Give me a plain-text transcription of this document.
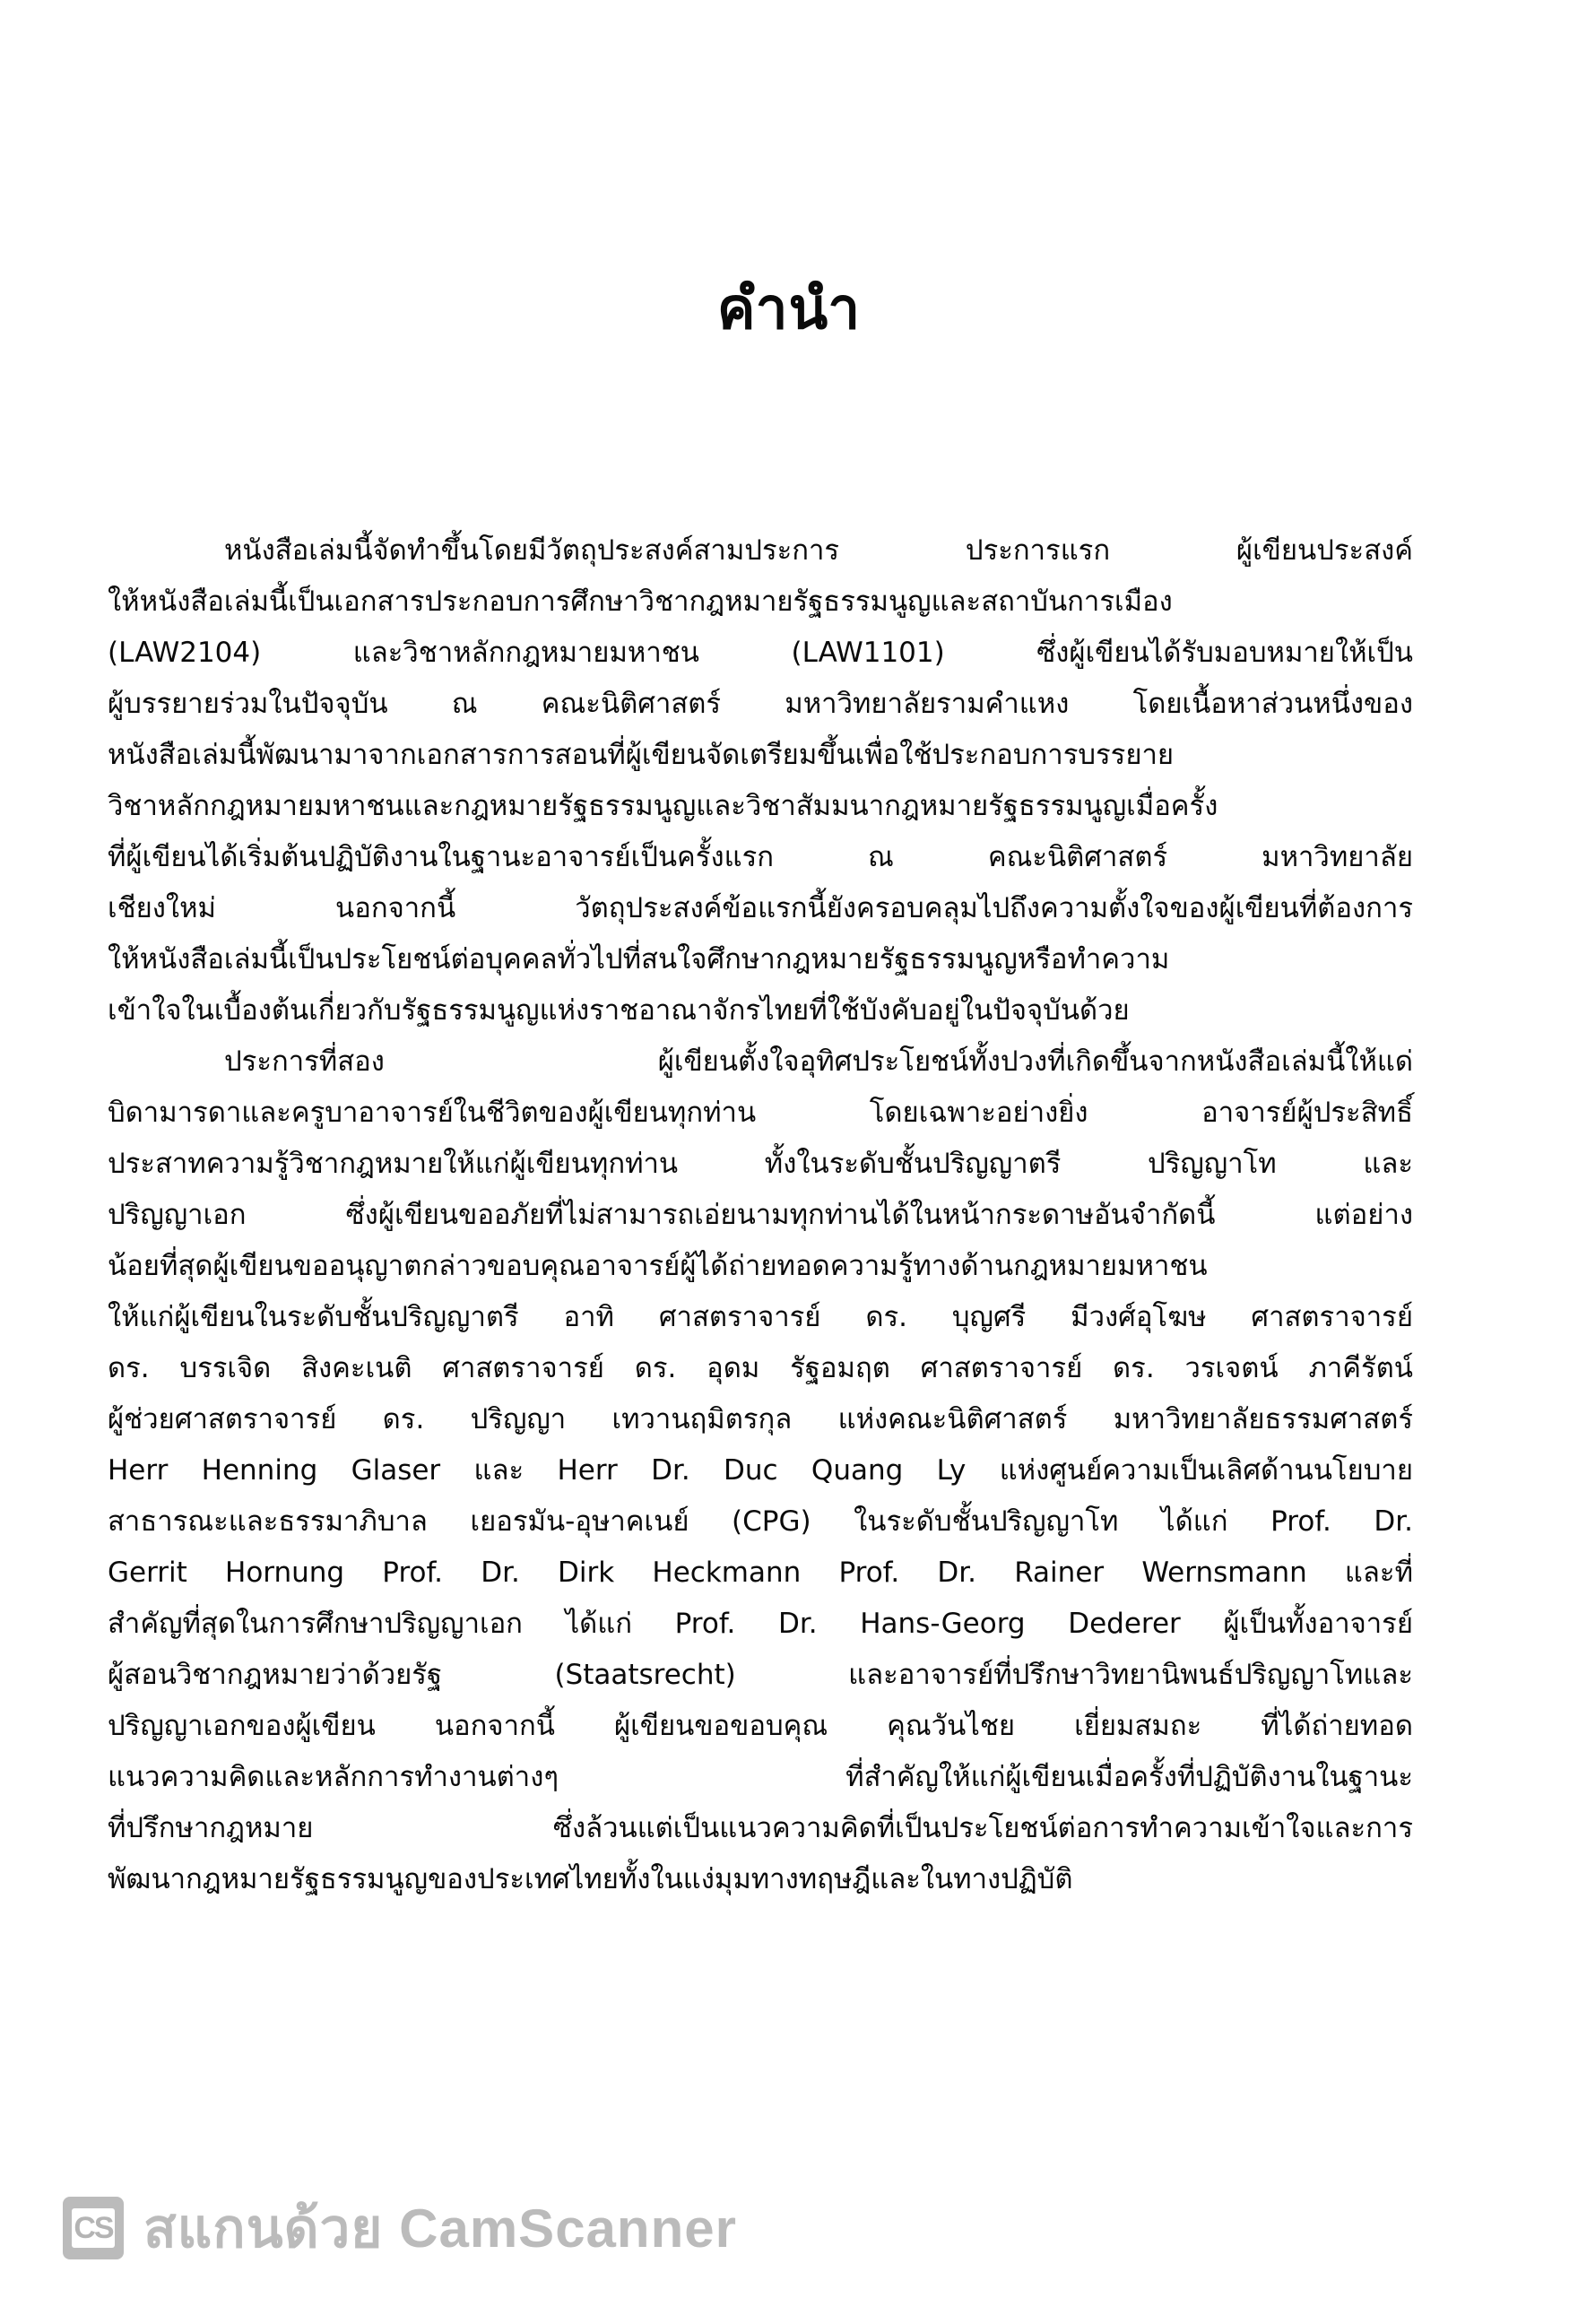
คำนำ
หนังสือเล่มนี้จัดทำขึ้นโดยมีวัตถุประสงค์สามประการ ประการแรก ผู้เขียนประสงค์
ให้หนังสือเล่มนี้เป็นเอกสารประกอบการศึกษาวิชากฎหมายรัฐธรรมนูญและสถาบันการเมือง
(LAW2104) และวิชาหลักกฎหมายมหาชน (LAW1101) ซึ่งผู้เขียนได้รับมอบหมายให้เป็น
ผู้บรรยายร่วมในปัจจุบัน ณ คณะนิติศาสตร์ มหาวิทยาลัยรามคำแหง โดยเนื้อหาส่วนหนึ่งของ
หนังสือเล่มนี้พัฒนามาจากเอกสารการสอนที่ผู้เขียนจัดเตรียมขึ้นเพื่อใช้ประกอบการบรรยาย
วิชาหลักกฎหมายมหาชนและกฎหมายรัฐธรรมนูญและวิชาสัมมนากฎหมายรัฐธรรมนูญเมื่อครั้ง
ที่ผู้เขียนได้เริ่มต้นปฏิบัติงานในฐานะอาจารย์เป็นครั้งแรก ณ คณะนิติศาสตร์ มหาวิทยาลัย
เชียงใหม่ นอกจากนี้ วัตถุประสงค์ข้อแรกนี้ยังครอบคลุมไปถึงความตั้งใจของผู้เขียนที่ต้องการ
ให้หนังสือเล่มนี้เป็นประโยชน์ต่อบุคคลทั่วไปที่สนใจศึกษากฎหมายรัฐธรรมนูญหรือทำความ
เข้าใจในเบื้องต้นเกี่ยวกับรัฐธรรมนูญแห่งราชอาณาจักรไทยที่ใช้บังคับอยู่ในปัจจุบันด้วย
ประการที่สอง ผู้เขียนตั้งใจอุทิศประโยชน์ทั้งปวงที่เกิดขึ้นจากหนังสือเล่มนี้ให้แด่
บิดามารดาและครูบาอาจารย์ในชีวิตของผู้เขียนทุกท่าน โดยเฉพาะอย่างยิ่ง อาจารย์ผู้ประสิทธิ์
ประสาทความรู้วิชากฎหมายให้แก่ผู้เขียนทุกท่าน ทั้งในระดับชั้นปริญญาตรี ปริญญาโท และ
ปริญญาเอก ซึ่งผู้เขียนขออภัยที่ไม่สามารถเอ่ยนามทุกท่านได้ในหน้ากระดาษอันจำกัดนี้ แต่อย่าง
น้อยที่สุดผู้เขียนขออนุญาตกล่าวขอบคุณอาจารย์ผู้ได้ถ่ายทอดความรู้ทางด้านกฎหมายมหาชน
ให้แก่ผู้เขียนในระดับชั้นปริญญาตรี อาทิ ศาสตราจารย์ ดร. บุญศรี มีวงศ์อุโฆษ ศาสตราจารย์
ดร. บรรเจิด สิงคะเนติ ศาสตราจารย์ ดร. อุดม รัฐอมฤต ศาสตราจารย์ ดร. วรเจตน์ ภาคีรัตน์
ผู้ช่วยศาสตราจารย์ ดร. ปริญญา เทวานฤมิตรกุล แห่งคณะนิติศาสตร์ มหาวิทยาลัยธรรมศาสตร์
Herr Henning Glaser และ Herr Dr. Duc Quang Ly แห่งศูนย์ความเป็นเลิศด้านนโยบาย
สาธารณะและธรรมาภิบาล เยอรมัน-อุษาคเนย์ (CPG) ในระดับชั้นปริญญาโท ได้แก่ Prof. Dr.
Gerrit Hornung Prof. Dr. Dirk Heckmann Prof. Dr. Rainer Wernsmann และที่
สำคัญที่สุดในการศึกษาปริญญาเอก ได้แก่ Prof. Dr. Hans-Georg Dederer ผู้เป็นทั้งอาจารย์
ผู้สอนวิชากฎหมายว่าด้วยรัฐ (Staatsrecht) และอาจารย์ที่ปรึกษาวิทยานิพนธ์ปริญญาโทและ
ปริญญาเอกของผู้เขียน นอกจากนี้ ผู้เขียนขอขอบคุณ คุณวันไชย เยี่ยมสมถะ ที่ได้ถ่ายทอด
แนวความคิดและหลักการทำงานต่างๆ ที่สำคัญให้แก่ผู้เขียนเมื่อครั้งที่ปฏิบัติงานในฐานะ
ที่ปรึกษากฎหมาย ซึ่งล้วนแต่เป็นแนวความคิดที่เป็นประโยชน์ต่อการทำความเข้าใจและการ
พัฒนากฎหมายรัฐธรรมนูญของประเทศไทยทั้งในแง่มุมทางทฤษฎีและในทางปฏิบัติ
CS สแกนด้วย CamScanner
